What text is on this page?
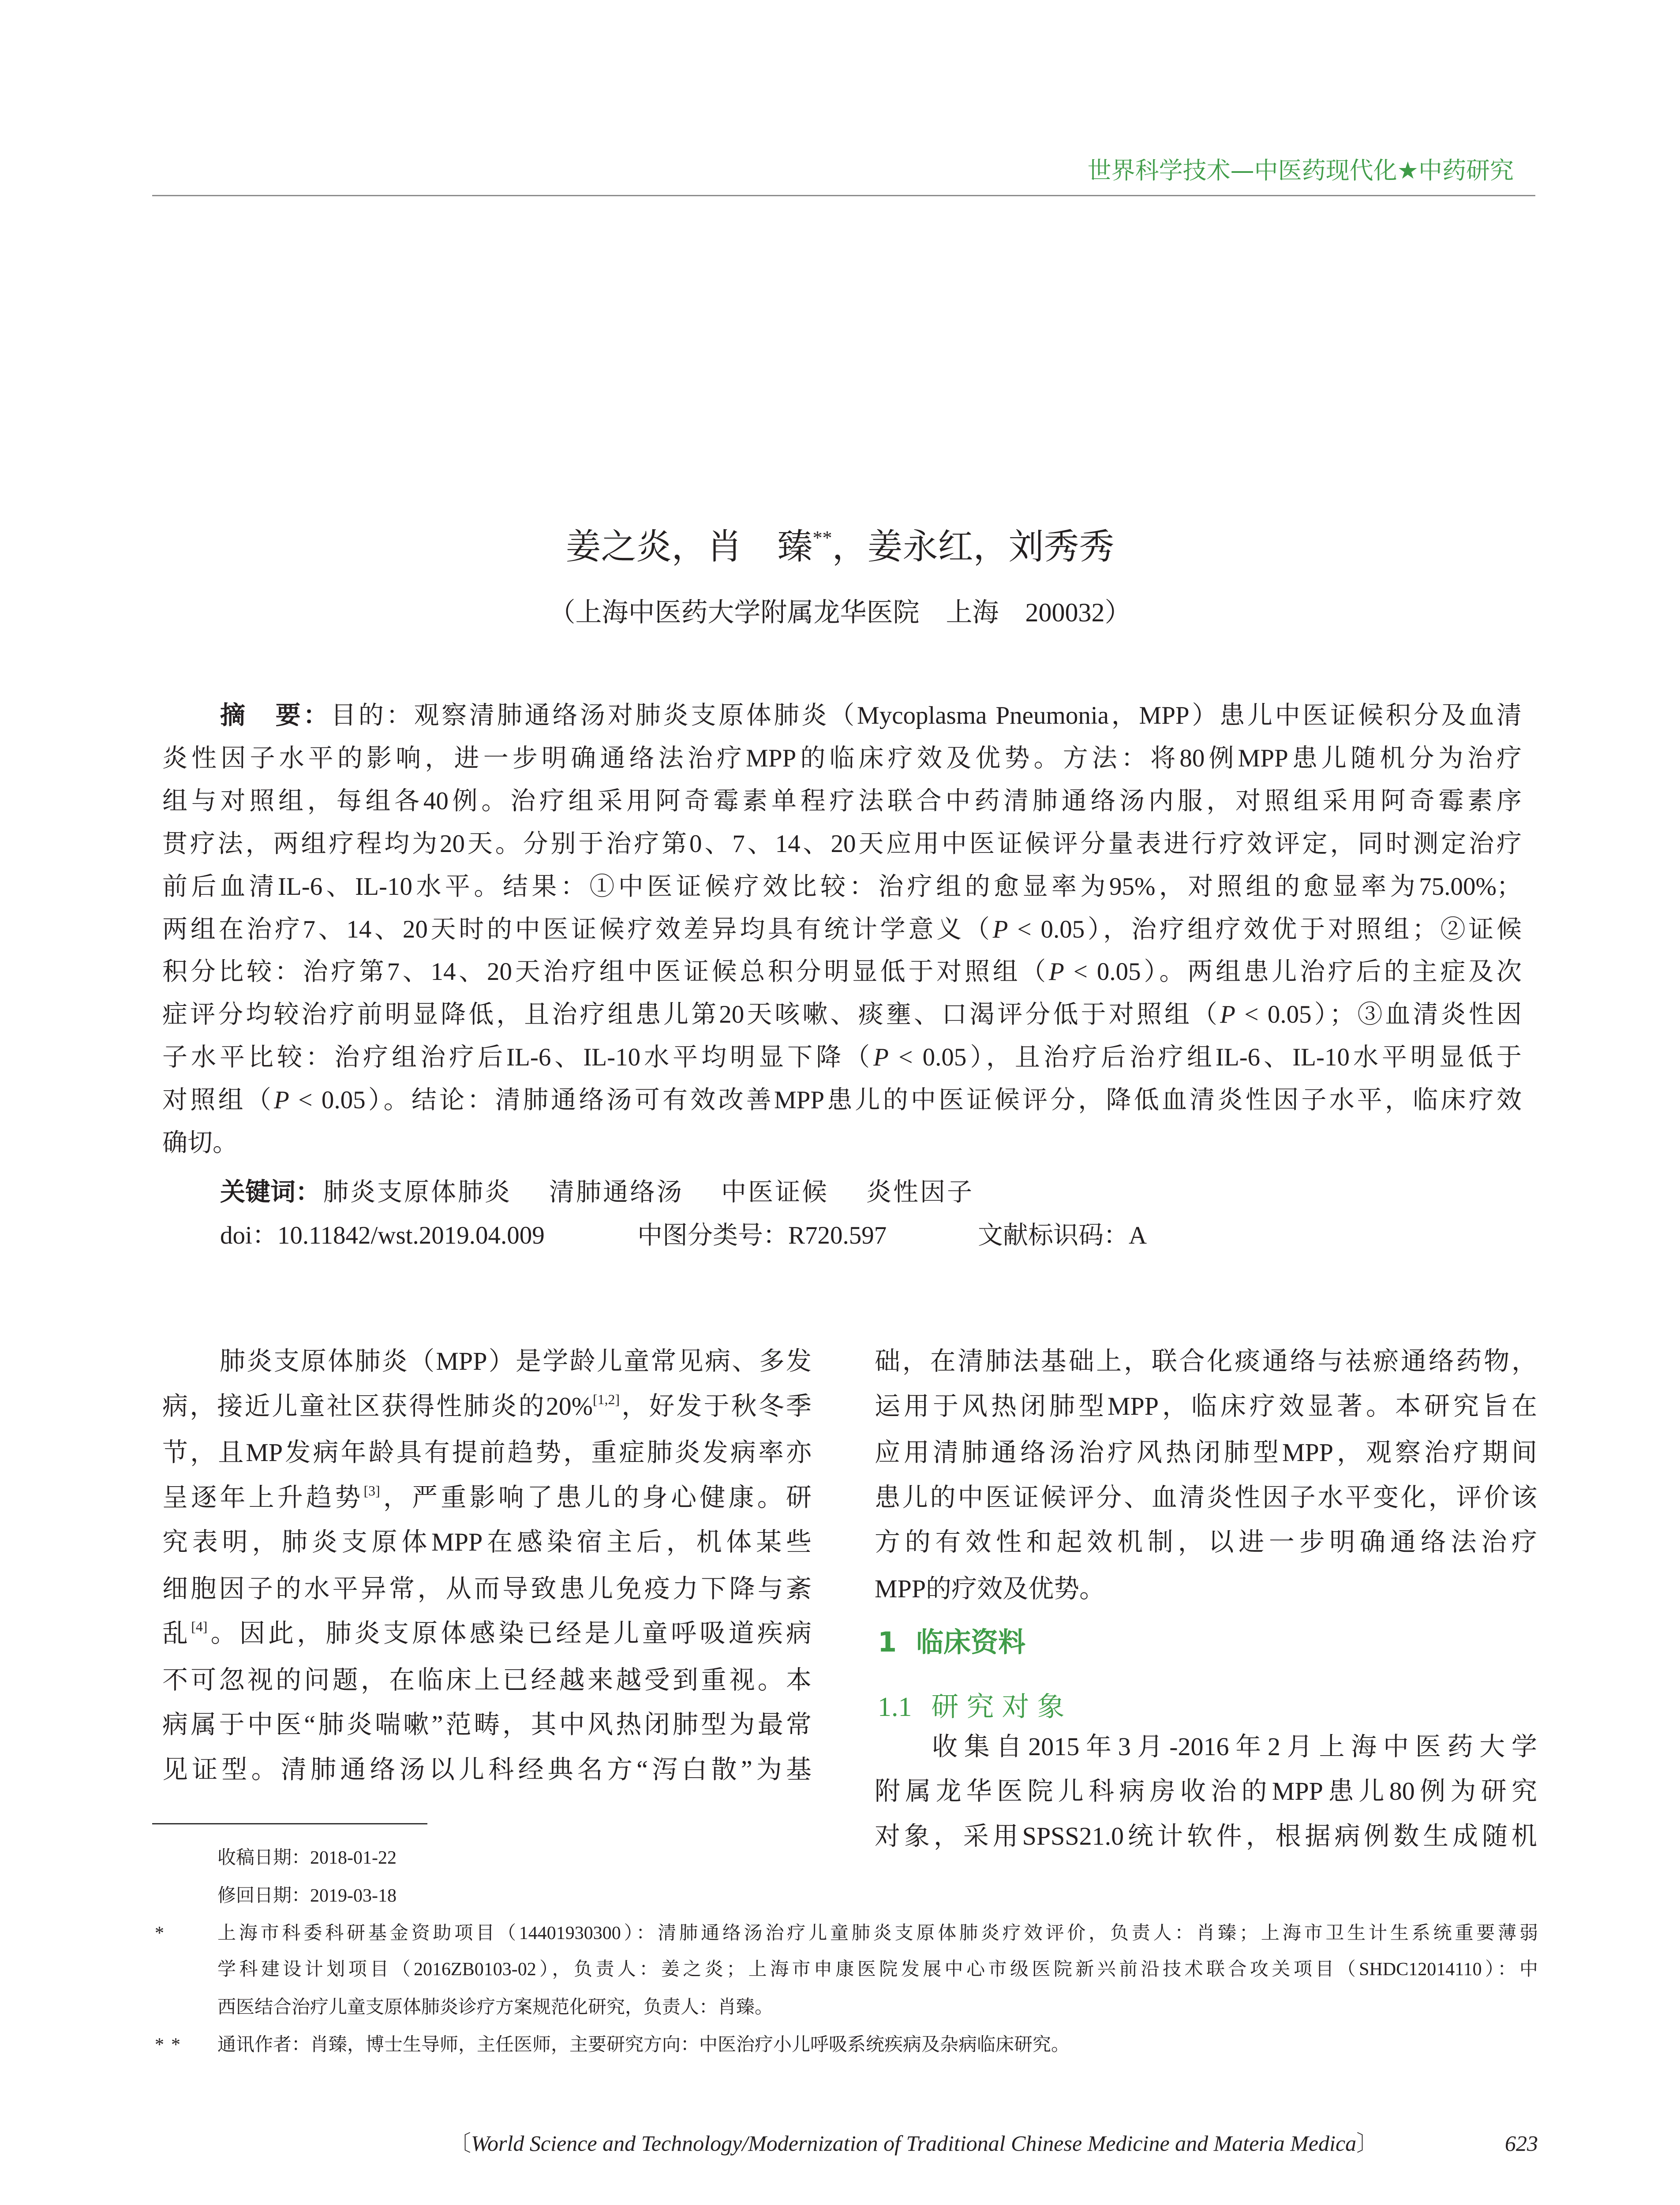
世界科学技术—中医药现代化★中药研究
姜之炎，肖　臻**，姜永红，刘秀秀
（上海中医药大学附属龙华医院　上海　200032）
摘　要：目的：观察清肺通络汤对肺炎支原体肺炎（Mycoplasma Pneumonia，MPP）患儿中医证候积分及血清
炎性因子水平的影响，进一步明确通络法治疗MPP的临床疗效及优势。方法：将80例MPP患儿随机分为治疗
组与对照组，每组各40例。治疗组采用阿奇霉素单程疗法联合中药清肺通络汤内服，对照组采用阿奇霉素序
贯疗法，两组疗程均为20天。分别于治疗第0、7、14、20天应用中医证候评分量表进行疗效评定，同时测定治疗
前后血清IL-6、IL-10水平。结果：①中医证候疗效比较：治疗组的愈显率为95%，对照组的愈显率为75.00%；
两组在治疗7、14、20天时的中医证候疗效差异均具有统计学意义（P < 0.05），治疗组疗效优于对照组；②证候
积分比较：治疗第7、14、20天治疗组中医证候总积分明显低于对照组（P < 0.05）。两组患儿治疗后的主症及次
症评分均较治疗前明显降低，且治疗组患儿第20天咳嗽、痰壅、口渴评分低于对照组（P < 0.05）；③血清炎性因
子水平比较：治疗组治疗后IL-6、IL-10水平均明显下降（P < 0.05），且治疗后治疗组IL-6、IL-10水平明显低于
对照组（P < 0.05）。结论：清肺通络汤可有效改善MPP患儿的中医证候评分，降低血清炎性因子水平，临床疗效
确切。
关键词： 肺炎支原体肺炎 清肺通络汤 中医证候 炎性因子
doi：10.11842/wst.2019.04.009	中图分类号：R720.597	文献标识码：A
肺炎支原体肺炎（MPP）是学龄儿童常见病、多发
病，接近儿童社区获得性肺炎的20%[1,2]，好发于秋冬季
节，且MP发病年龄具有提前趋势，重症肺炎发病率亦
呈逐年上升趋势[3]，严重影响了患儿的身心健康。研
究表明，肺炎支原体MPP在感染宿主后，机体某些
细胞因子的水平异常，从而导致患儿免疫力下降与紊
乱[4]。因此，肺炎支原体感染已经是儿童呼吸道疾病
不可忽视的问题，在临床上已经越来越受到重视。本
病属于中医“肺炎喘嗽”范畴，其中风热闭肺型为最常
见证型。清肺通络汤以儿科经典名方“泻白散”为基
础，在清肺法基础上，联合化痰通络与祛瘀通络药物，
运用于风热闭肺型MPP，临床疗效显著。本研究旨在
应用清肺通络汤治疗风热闭肺型MPP，观察治疗期间
患儿的中医证候评分、血清炎性因子水平变化，评价该
方的有效性和起效机制，以进一步明确通络法治疗
MPP的疗效及优势。
1 临床资料
1.1 研究对象
收集自2015年3月-2016年2月上海中医药大学
附属龙华医院儿科病房收治的MPP患儿80例为研究
对象，采用SPSS21.0统计软件，根据病例数生成随机
收稿日期：2018-01-22
修回日期：2019-03-18
*	上海市科委科研基金资助项目（14401930300）：清肺通络汤治疗儿童肺炎支原体肺炎疗效评价，负责人：肖臻；上海市卫生计生系统重要薄弱
学科建设计划项目（2016ZB0103-02），负责人：姜之炎；上海市申康医院发展中心市级医院新兴前沿技术联合攻关项目（SHDC12014110）：中
西医结合治疗儿童支原体肺炎诊疗方案规范化研究，负责人：肖臻。
** 通讯作者：肖臻，博士生导师，主任医师，主要研究方向：中医治疗小儿呼吸系统疾病及杂病临床研究。
〔World Science and Technology/Modernization of Traditional Chinese Medicine and Materia Medica〕	623
